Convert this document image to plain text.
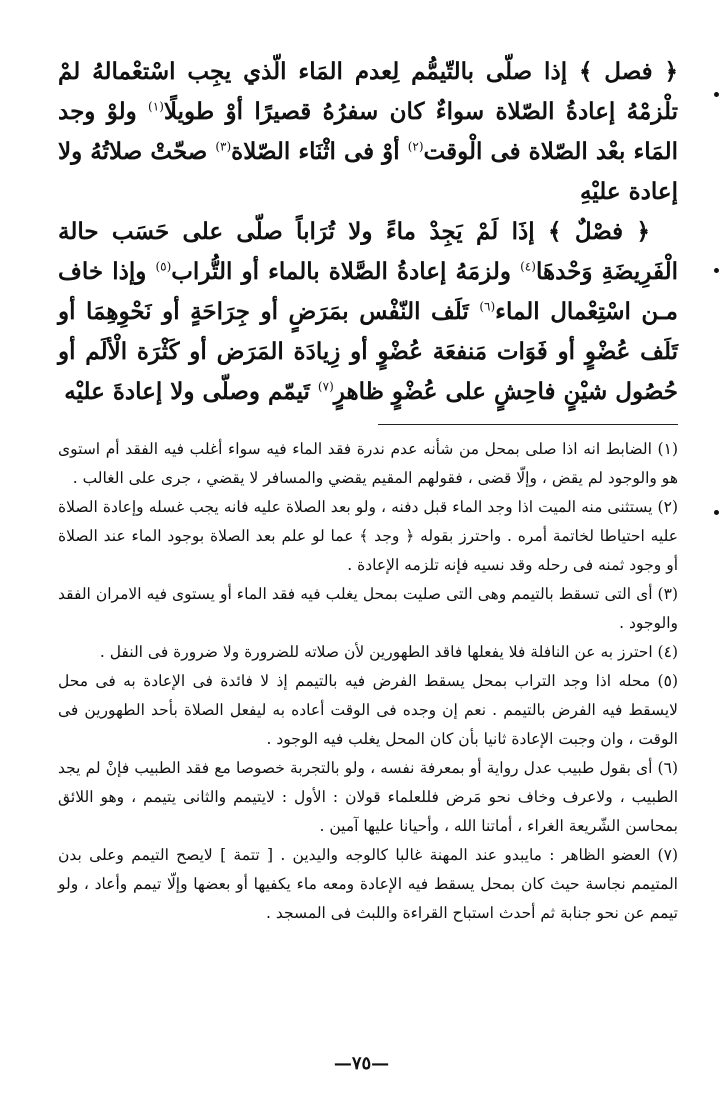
﴿ فصل ﴾ إذا صلّى بالتّيمُّم لِعدم المَاء الّذي يجِب اسْتعْمالهُ لمْ تلْزمْهُ إعادةُ الصّلاة سواءٌ كان سفرُهُ قصيرًا أوْ طويلًا$^{(١)}$ ولوْ وجد المَاء بعْد الصّلاة فى الْوقت$^{(٢)}$ أوْ فى اثْنَاء الصّلاة$^{(٣)}$ صحّتْ صلاتُهُ ولا إعادة عليْهِ

﴿ فصْلٌ ﴾ إذَا لَمْ يَجِدْ ماءً ولا تُرَاباً صلّى على حَسَب حالة الْفَرِيضَةِ وَحْدهَا$^{(٤)}$ ولزمَهُ إعادةُ الصَّلاة بالماء أو التُّراب$^{(٥)}$ وإذا خاف مـن اسْتِعْمال الماء$^{(٦)}$ تَلَف النّفْس بمَرَضٍ أو جِرَاحَةٍ أو نَحْوِهِمَا أو تَلَف عُضْوٍ أو فَوَات مَنفعَة عُضْوٍ أو زِيادَة المَرَض أو كَثْرَة الْألَم أو حُصُول شيْنٍ فاحِشٍ على عُضْوٍ ظاهرٍ$^{(٧)}$ تَيمّم وصلّى ولا إعادةَ عليْه

(١) الضابط انه اذا صلى بمحل من شأنه عدم ندرة فقد الماء فيه سواء أغلب فيه الفقد أم استوى هو والوجود لم يقض ، وإلّا قضى ، فقولهم المقيم يقضي والمسافر لا يقضي ، جرى على الغالب .

(٢) يستثنى منه الميت اذا وجد الماء قبل دفنه ، ولو بعد الصلاة عليه فانه يجب غسله وإعادة الصلاة عليه احتياطا لخاتمة أمره . واحترز بقوله ﴿ وجد ﴾ عما لو علم بعد الصلاة بوجود الماء عند الصلاة أو وجود ثمنه فى رحله وقد نسيه فإنه تلزمه الإعادة .

(٣) أى التى تسقط بالتيمم وهى التى صليت بمحل يغلب فيه فقد الماء أو يستوى فيه الامران الفقد والوجود .

(٤) احترز به عن النافلة فلا يفعلها فاقد الطهورين لأن صلاته للضرورة ولا ضرورة فى النفل .

(٥) محله اذا وجد التراب بمحل يسقط الفرض فيه بالتيمم إذ لا فائدة فى الإعادة به فى محل لايسقط فيه الفرض بالتيمم . نعم إن وجده فى الوقت أعاده به ليفعل الصلاة بأحد الطهورين فى الوقت ، وان وجبت الإعادة ثانيا بأن كان المحل يغلب فيه الوجود .

(٦) أى بقول طبيب عدل رواية أو بمعرفة نفسه ، ولو بالتجربة خصوصا مع فقد الطبيب فإنْ لم يجد الطبيب ، ولاعرف وخاف نحو مَرض فللعلماء قولان : الأول : لايتيمم والثانى يتيمم ، وهو اللائق بمحاسن الشّريعة الغراء ، أماتنا الله ، وأحيانا عليها آمين .

(٧) العضو الظاهر : مايبدو عند المهنة غالبا كالوجه واليدين . [ تتمة ] لايصح التيمم وعلى بدن المتيمم نجاسة حيث كان بمحل يسقط فيه الإعادة ومعه ماء يكفيها أو بعضها وإلّا تيمم وأعاد ، ولو تيمم عن نحو جنابة ثم أحدث استباح القراءة واللبث فى المسجد .

—٧٥—
